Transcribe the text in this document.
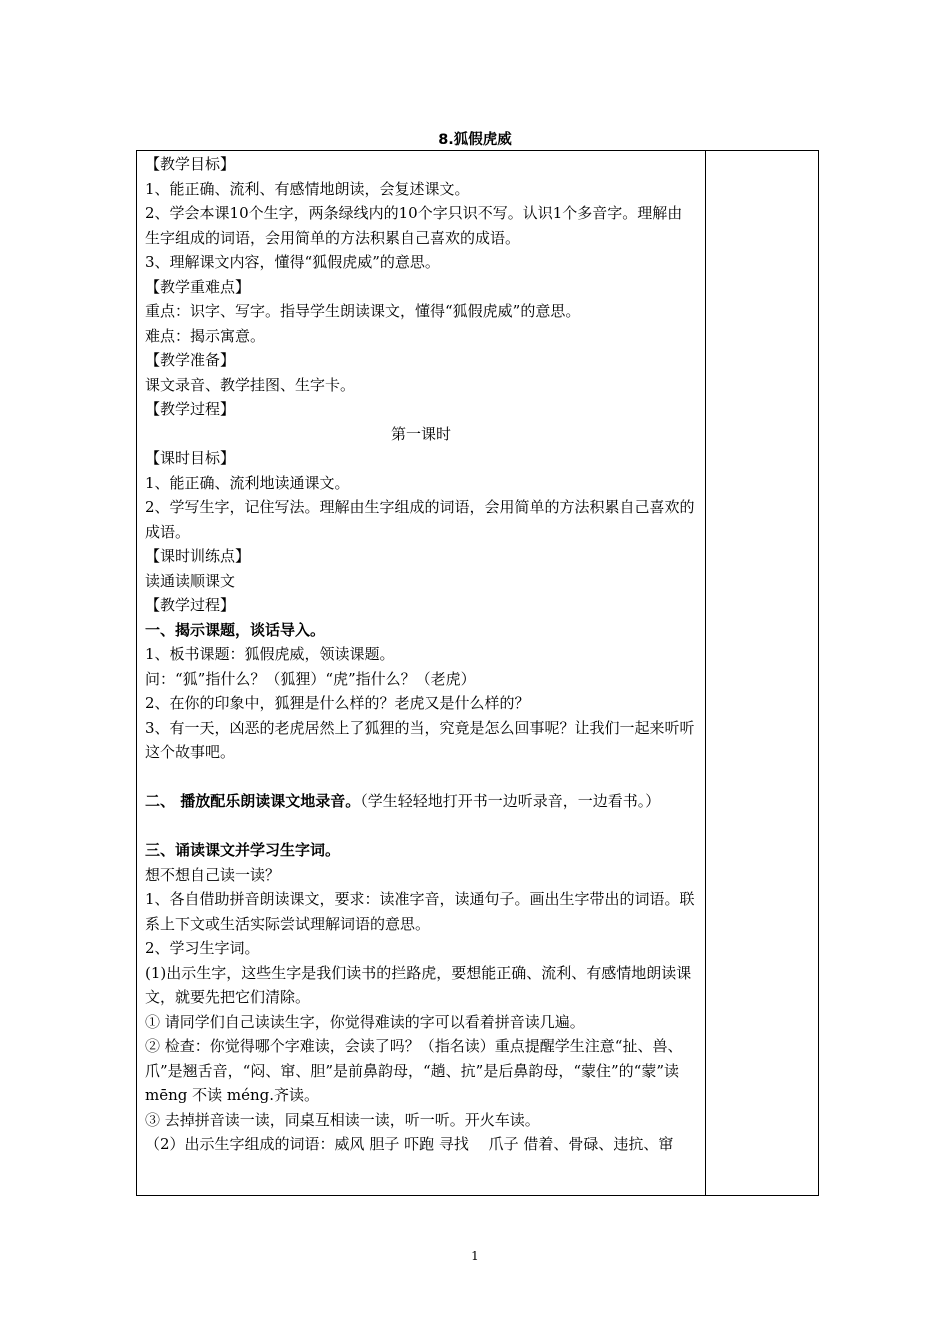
8.狐假虎威

【教学目标】

1、能正确、流利、有感情地朗读，会复述课文。

2、学会本课10个生字，两条绿线内的10个字只识不写。认识1个多音字。理解由生字组成的词语，会用简单的方法积累自己喜欢的成语。

3、理解课文内容，懂得“狐假虎威”的意思。

【教学重难点】

重点：识字、写字。指导学生朗读课文，懂得“狐假虎威”的意思。

难点：揭示寓意。

【教学准备】

课文录音、教学挂图、生字卡。

【教学过程】

第一课时

【课时目标】

1、能正确、流利地读通课文。

2、学写生字，记住写法。理解由生字组成的词语，会用简单的方法积累自己喜欢的成语。

【课时训练点】

读通读顺课文

【教学过程】

一、揭示课题，谈话导入。

1、板书课题：狐假虎威，领读课题。

问：“狐”指什么？（狐狸）“虎”指什么？（老虎）

2、在你的印象中，狐狸是什么样的？老虎又是什么样的？

3、有一天，凶恶的老虎居然上了狐狸的当，究竟是怎么回事呢？让我们一起来听听这个故事吧。

二、 播放配乐朗读课文地录音。（学生轻轻地打开书一边听录音，一边看书。）

三、诵读课文并学习生字词。

想不想自己读一读？

1、各自借助拼音朗读课文，要求：读准字音，读通句子。画出生字带出的词语。联系上下文或生活实际尝试理解词语的意思。

2、学习生字词。

(1)出示生字，这些生字是我们读书的拦路虎，要想能正确、流利、有感情地朗读课文，就要先把它们清除。

① 请同学们自己读读生字，你觉得难读的字可以看着拼音读几遍。

② 检查：你觉得哪个字难读，会读了吗？（指名读）重点提醒学生注意“扯、兽、爪”是翘舌音，“闷、窜、胆”是前鼻韵母，“趟、抗”是后鼻韵母，“蒙住”的“蒙”读 mēng 不读 méng.齐读。

③ 去掉拼音读一读，同桌互相读一读，听一听。开火车读。

（2）出示生字组成的词语：威风 胆子 吓跑 寻找　 爪子 借着、骨碌、违抗、窜

1
